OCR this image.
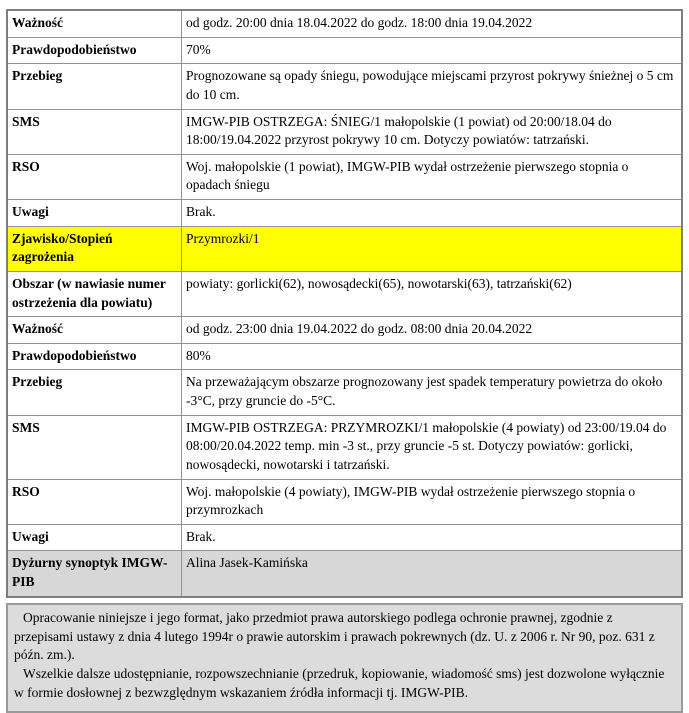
Ważność	od godz. 20:00 dnia 18.04.2022 do godz. 18:00 dnia 19.04.2022
Prawdopodobieństwo	70%
Przebieg	Prognozowane są opady śniegu, powodujące miejscami przyrost pokrywy śnieżnej o 5 cm do 10 cm.
SMS	IMGW-PIB OSTRZEGA: ŚNIEG/1 małopolskie (1 powiat) od 20:00/18.04 do 18:00/19.04.2022 przyrost pokrywy 10 cm. Dotyczy powiatów: tatrzański.
RSO	Woj. małopolskie (1 powiat), IMGW-PIB wydał ostrzeżenie pierwszego stopnia o opadach śniegu
Uwagi	Brak.
Zjawisko/Stopień zagrożenia	Przymrozki/1
Obszar (w nawiasie numer ostrzeżenia dla powiatu)	powiaty: gorlicki(62), nowosądecki(65), nowotarski(63), tatrzański(62)
Ważność	od godz. 23:00 dnia 19.04.2022 do godz. 08:00 dnia 20.04.2022
Prawdopodobieństwo	80%
Przebieg	Na przeważającym obszarze prognozowany jest spadek temperatury powietrza do około -3°C, przy gruncie do -5°C.
SMS	IMGW-PIB OSTRZEGA: PRZYMROZKI/1 małopolskie (4 powiaty) od 23:00/19.04 do 08:00/20.04.2022 temp. min -3 st., przy gruncie -5 st. Dotyczy powiatów: gorlicki, nowosądecki, nowotarski i tatrzański.
RSO	Woj. małopolskie (4 powiaty), IMGW-PIB wydał ostrzeżenie pierwszego stopnia o przymrozkach
Uwagi	Brak.
Dyżurny synoptyk IMGW-PIB	Alina Jasek-Kamińska

Opracowanie niniejsze i jego format, jako przedmiot prawa autorskiego podlega ochronie prawnej, zgodnie z przepisami ustawy z dnia 4 lutego 1994r o prawie autorskim i prawach pokrewnych (dz. U. z 2006 r. Nr 90, poz. 631 z późn. zm.).

Wszelkie dalsze udostępnianie, rozpowszechnianie (przedruk, kopiowanie, wiadomość sms) jest dozwolone wyłącznie w formie dosłownej z bezwzględnym wskazaniem źródła informacji tj. IMGW-PIB.
